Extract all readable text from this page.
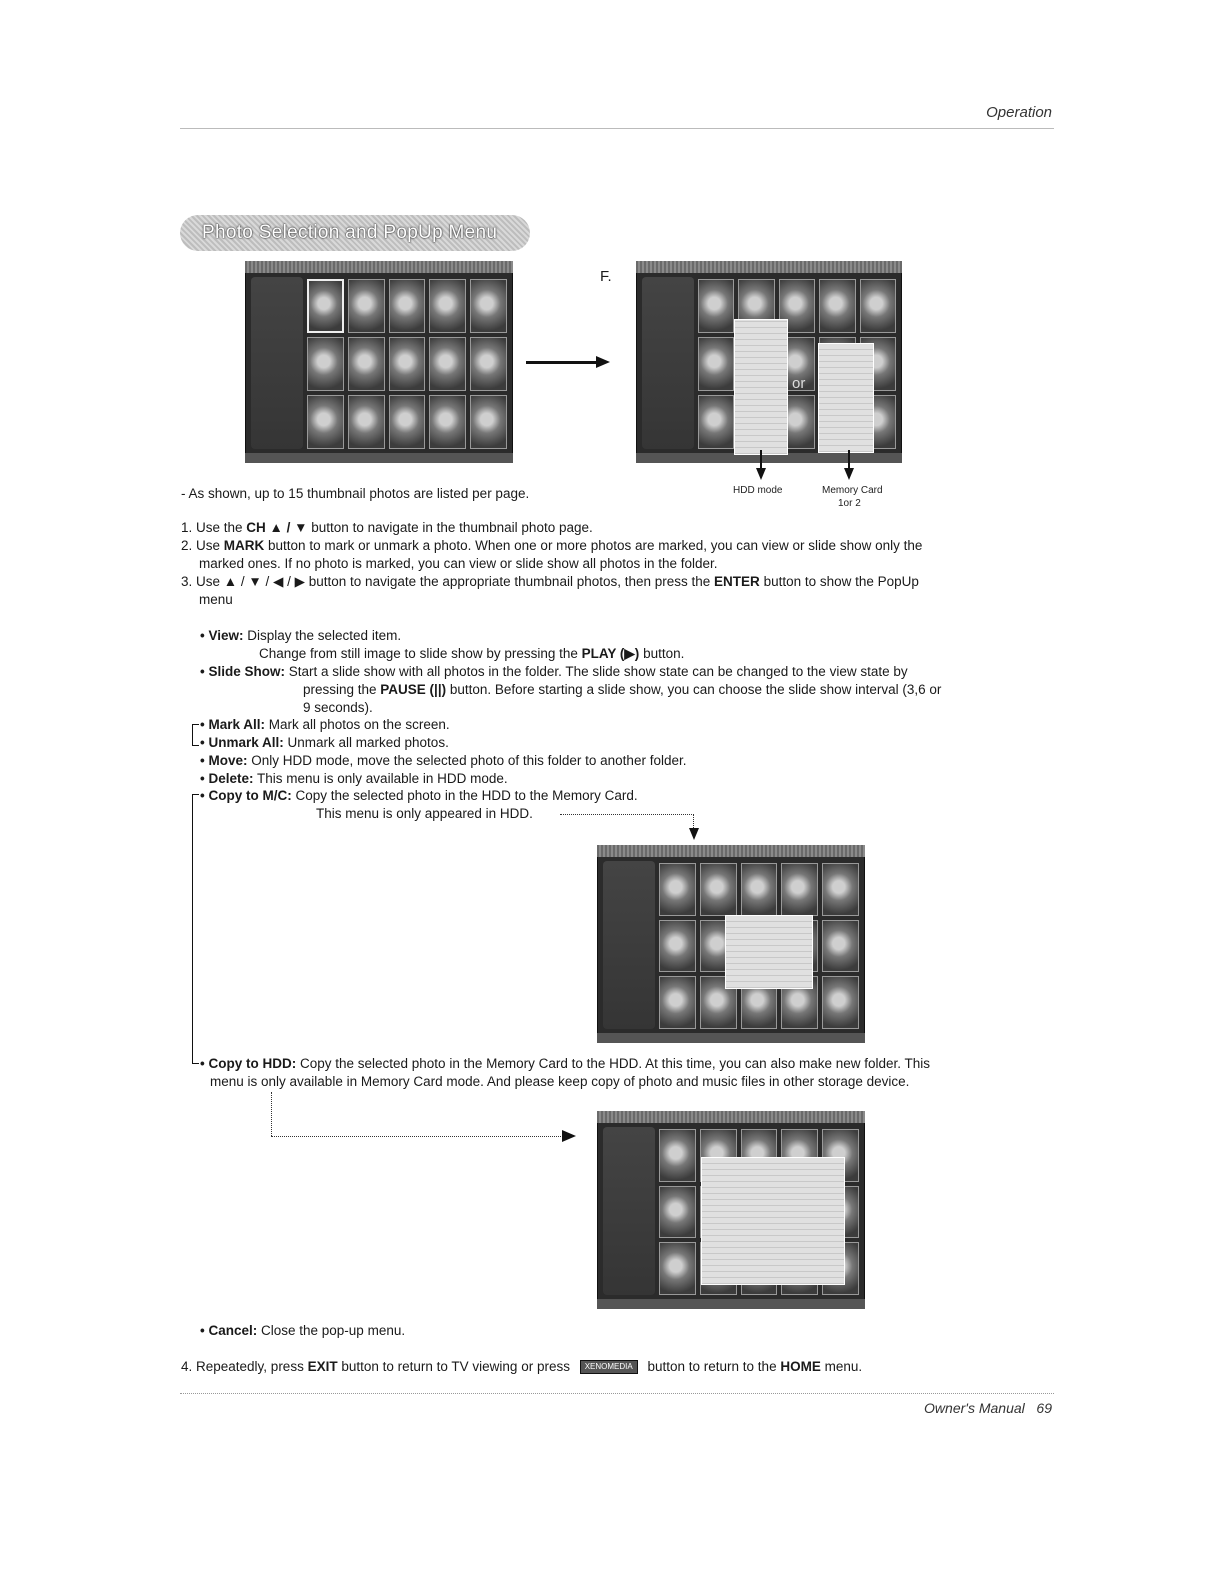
Operation
Photo Selection and PopUp Menu
F.
or
HDD mode	Memory Card
1or 2
- As shown, up to 15 thumbnail photos are listed per page.
1. Use the CH ▲ / ▼ button to navigate in the thumbnail photo page.
2. Use MARK button to mark or unmark a photo. When one or more photos are marked, you can view or slide show only the
marked ones. If no photo is marked, you can view or slide show all photos in the folder.
3. Use ▲ / ▼ / ◀ / ▶ button to navigate the appropriate thumbnail photos, then press the ENTER button to show the PopUp
menu
• View: Display the selected item.
Change from still image to slide show by pressing the PLAY (▶) button.
• Slide Show: Start a slide show with all photos in the folder. The slide show state can be changed to the view state by
pressing the PAUSE (||) button. Before starting a slide show, you can choose the slide show interval (3,6 or
9 seconds).
• Mark All: Mark all photos on the screen.
• Unmark All: Unmark all marked photos.
• Move: Only HDD mode, move the selected photo of this folder to another folder.
• Delete: This menu is only available in HDD mode.
• Copy to M/C: Copy the selected photo in the HDD to the Memory Card.
This menu is only appeared in HDD.
• Copy to HDD: Copy the selected photo in the Memory Card to the HDD. At this time, you can also make new folder. This
menu is only available in Memory Card mode. And please keep copy of photo and music files in other storage device.
• Cancel: Close the pop-up menu.
4. Repeatedly, press EXIT button to return to TV viewing or press XENOMEDIA button to return to the HOME menu.
Owner's Manual 69
